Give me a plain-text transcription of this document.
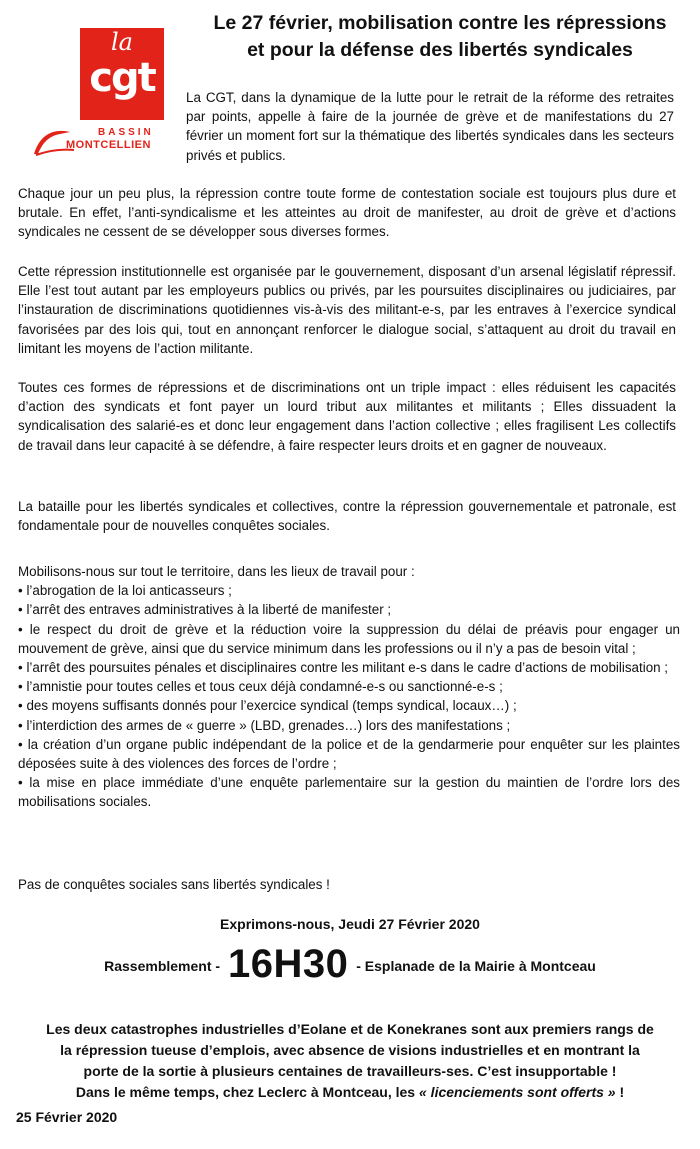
la
cgt
BASSIN
MONTCELLIEN
Le 27 février, mobilisation contre les répressions
et pour la défense des libertés syndicales
La CGT, dans la dynamique de la lutte pour le retrait de la réforme des retraites par points, appelle à faire de la journée de grève et de manifestations du 27 février un moment fort sur la thématique des libertés syndicales dans les secteurs privés et publics.
Chaque jour un peu plus, la répression contre toute forme de contestation sociale est toujours plus dure et brutale. En effet, l’anti-syndicalisme et les atteintes au droit de manifester, au droit de grève et d’actions syndicales ne cessent de se développer sous diverses formes.
Cette répression institutionnelle est organisée par le gouvernement, disposant d’un arsenal législatif répressif. Elle l’est tout autant par les employeurs publics ou privés, par les poursuites disciplinaires ou judiciaires, par l’instauration de discriminations quotidiennes vis-à-vis des militant-e-s, par les entraves à l’exercice syndical favorisées par des lois qui, tout en annonçant renforcer le dialogue social, s’attaquent au droit du travail en limitant les moyens de l’action militante.
Toutes ces formes de répressions et de discriminations ont un triple impact : elles réduisent les capacités d’action des syndicats et font payer un lourd tribut aux militantes et militants ; Elles dissuadent la syndicalisation des salarié-es et donc leur engagement dans l’action collective ; elles fragilisent Les collectifs de travail dans leur capacité à se défendre, à faire respecter leurs droits et en gagner de nouveaux.
La bataille pour les libertés syndicales et collectives, contre la répression gouvernementale et patronale, est fondamentale pour de nouvelles conquêtes sociales.
Mobilisons-nous sur tout le territoire, dans les lieux de travail pour :
• l’abrogation de la loi anticasseurs ;
• l’arrêt des entraves administratives à la liberté de manifester ;
• le respect du droit de grève et la réduction voire la suppression du délai de préavis pour engager un mouvement de grève, ainsi que du service minimum dans les professions ou il n’y a pas de besoin vital ;
• l’arrêt des poursuites pénales et disciplinaires contre les militant e-s dans le cadre d’actions de mobilisation ;
• l’amnistie pour toutes celles et tous ceux déjà condamné-e-s ou sanctionné-e-s ;
• des moyens suffisants donnés pour l’exercice syndical (temps syndical, locaux…) ;
• l’interdiction des armes de « guerre » (LBD, grenades…) lors des manifestations ;
• la création d’un organe public indépendant de la police et de la gendarmerie pour enquêter sur les plaintes déposées suite à des violences des forces de l’ordre ;
• la mise en place immédiate d’une enquête parlementaire sur la gestion du maintien de l’ordre lors des mobilisations sociales.
Pas de conquêtes sociales sans libertés syndicales !
Exprimons-nous, Jeudi 27 Février 2020
Rassemblement - 16H30 - Esplanade de la Mairie à Montceau
Les deux catastrophes industrielles d’Eolane et de Konekranes sont aux premiers rangs de
la répression tueuse d’emplois, avec absence de visions industrielles et en montrant la
porte de la sortie à plusieurs centaines de travailleurs-ses. C’est insupportable !
Dans le même temps, chez Leclerc à Montceau, les « licenciements sont offerts » !
25 Février 2020
